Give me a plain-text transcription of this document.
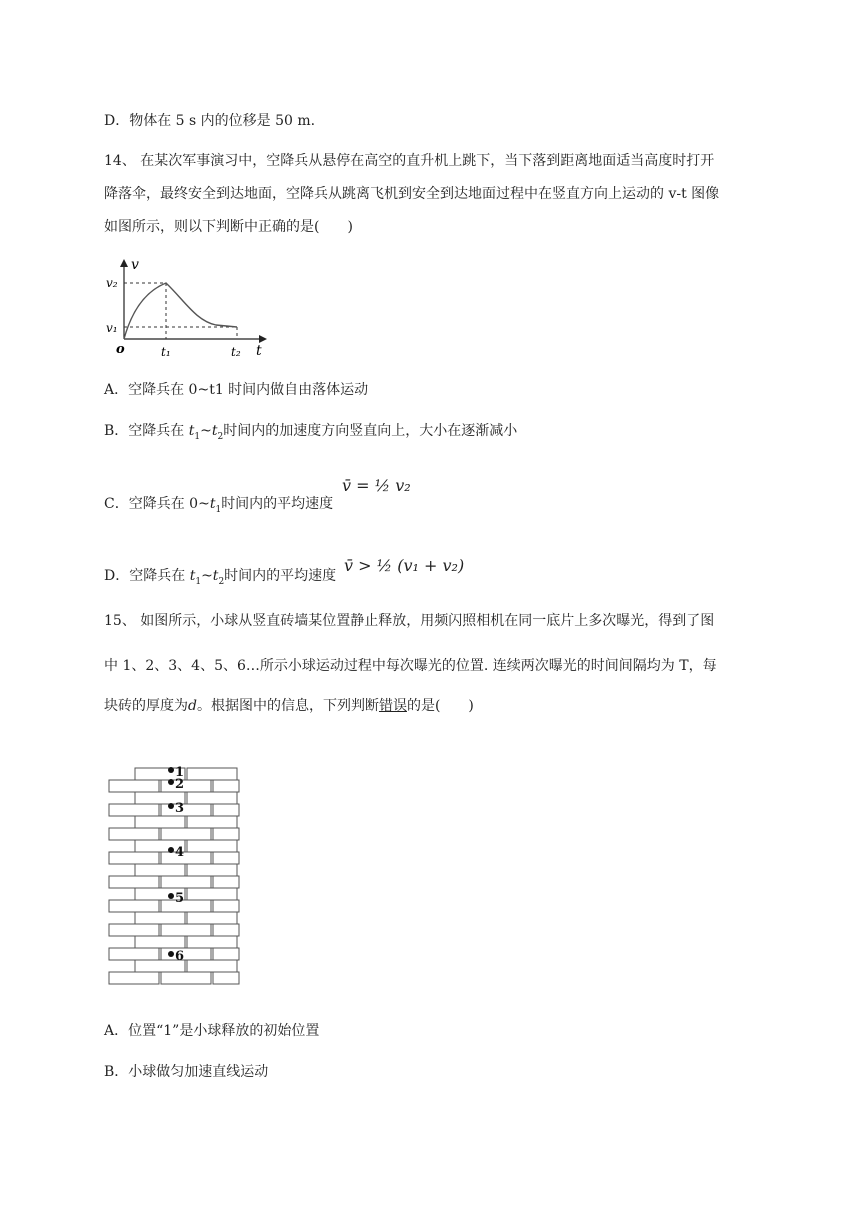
D．物体在 5 s 内的位移是 50 m.
14、 在某次军事演习中，空降兵从悬停在高空的直升机上跳下，当下落到距离地面适当高度时打开
降落伞，最终安全到达地面，空降兵从跳离飞机到安全到达地面过程中在竖直方向上运动的 v-t 图像
如图所示，则以下判断中正确的是(　　)
v
t
o
v₂
v₁
t₁	t₂
A．空降兵在 0~t1 时间内做自由落体运动
B．空降兵在 $t_1\sim t_2$时间内的加速度方向竖直向上，大小在逐渐减小
C．空降兵在 $0\sim t_1$时间内的平均速度
v̄ = ½ v₂
D．空降兵在 $t_1\sim t_2$时间内的平均速度
v̄ > ½ (v₁ + v₂)
15、 如图所示，小球从竖直砖墙某位置静止释放，用频闪照相机在同一底片上多次曝光，得到了图
中 1、2、3、4、5、6…所示小球运动过程中每次曝光的位置. 连续两次曝光的时间间隔均为 T，每
块砖的厚度为d。根据图中的信息，下列判断错误的是(　　)
1
2
3
4
5
6
A．位置“1”是小球释放的初始位置
B．小球做匀加速直线运动
